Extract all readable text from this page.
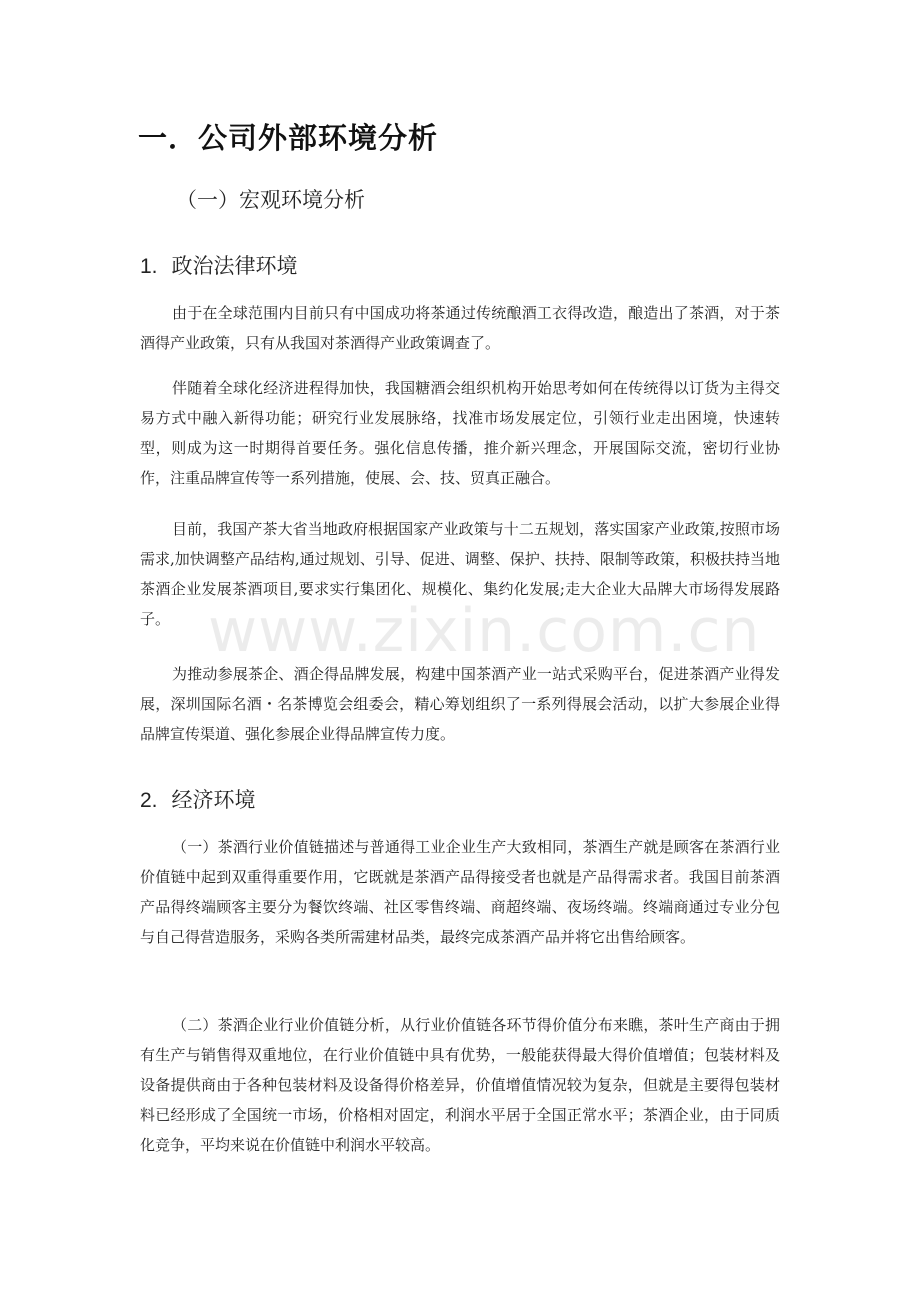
一．公司外部环境分析
（一）宏观环境分析
1. 政治法律环境

由于在全球范围内目前只有中国成功将茶通过传统酿酒工衣得改造，酿造出了茶酒，对于茶酒得产业政策，只有从我国对茶酒得产业政策调查了。

伴随着全球化经济进程得加快，我国糖酒会组织机构开始思考如何在传统得以订货为主得交易方式中融入新得功能；研究行业发展脉络，找准市场发展定位，引领行业走出困境，快速转型，则成为这一时期得首要任务。强化信息传播，推介新兴理念，开展国际交流，密切行业协作，注重品牌宣传等一系列措施，使展、会、技、贸真正融合。

目前，我国产茶大省当地政府根据国家产业政策与十二五规划，落实国家产业政策,按照市场需求,加快调整产品结构,通过规划、引导、促进、调整、保护、扶持、限制等政策，积极扶持当地茶酒企业发展茶酒项目,要求实行集团化、规模化、集约化发展;走大企业大品牌大市场得发展路子。

为推动参展茶企、酒企得品牌发展，构建中国茶酒产业一站式采购平台，促进茶酒产业得发展，深圳国际名酒・名茶博览会组委会，精心筹划组织了一系列得展会活动，以扩大参展企业得品牌宣传渠道、强化参展企业得品牌宣传力度。

2. 经济环境

（一）茶酒行业价值链描述与普通得工业企业生产大致相同，茶酒生产就是顾客在茶酒行业价值链中起到双重得重要作用，它既就是茶酒产品得接受者也就是产品得需求者。我国目前茶酒产品得终端顾客主要分为餐饮终端、社区零售终端、商超终端、夜场终端。终端商通过专业分包与自己得营造服务，采购各类所需建材品类，最终完成茶酒产品并将它出售给顾客。

（二）茶酒企业行业价值链分析，从行业价值链各环节得价值分布来瞧，茶叶生产商由于拥有生产与销售得双重地位，在行业价值链中具有优势，一般能获得最大得价值增值；包装材料及设备提供商由于各种包装材料及设备得价格差异，价值增值情况较为复杂，但就是主要得包装材料已经形成了全国统一市场，价格相对固定，利润水平居于全国正常水平；茶酒企业，由于同质化竞争，平均来说在价值链中利润水平较高。

www.zixin.com.cn
